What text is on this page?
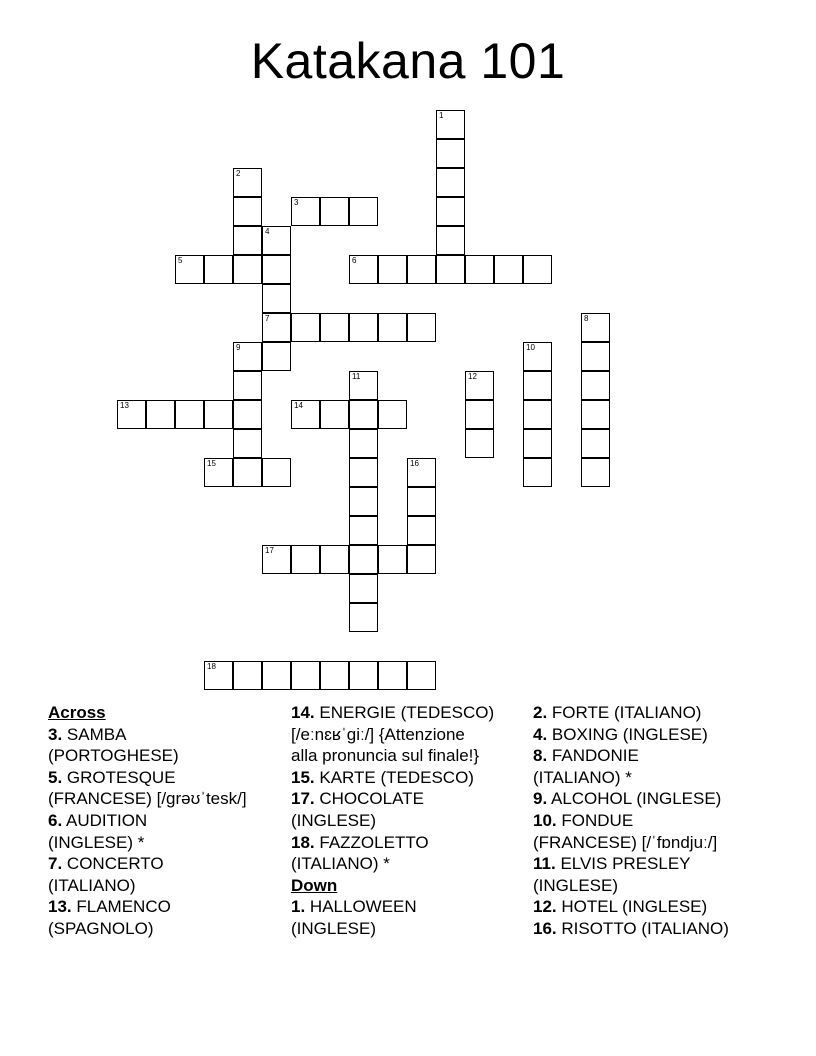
Katakana 101
1
2
3
4
5	6
7	8
9	10
11	12
13	14
15	16
17
18
Across
3. SAMBA
(PORTOGHESE)
5. GROTESQUE
(FRANCESE) [/grəʊˈtesk/]
6. AUDITION
(INGLESE) *
7. CONCERTO
(ITALIANO)
13. FLAMENCO
(SPAGNOLO)
14. ENERGIE (TEDESCO)
[/eːnɛʁˈɡiː/] {Attenzione
alla pronuncia sul finale!}
15. KARTE (TEDESCO)
17. CHOCOLATE
(INGLESE)
18. FAZZOLETTO
(ITALIANO) *
Down
1. HALLOWEEN
(INGLESE)
2. FORTE (ITALIANO)
4. BOXING (INGLESE)
8. FANDONIE
(ITALIANO) *
9. ALCOHOL (INGLESE)
10. FONDUE
(FRANCESE) [/ˈfɒndjuː/]
11. ELVIS PRESLEY
(INGLESE)
12. HOTEL (INGLESE)
16. RISOTTO (ITALIANO)
